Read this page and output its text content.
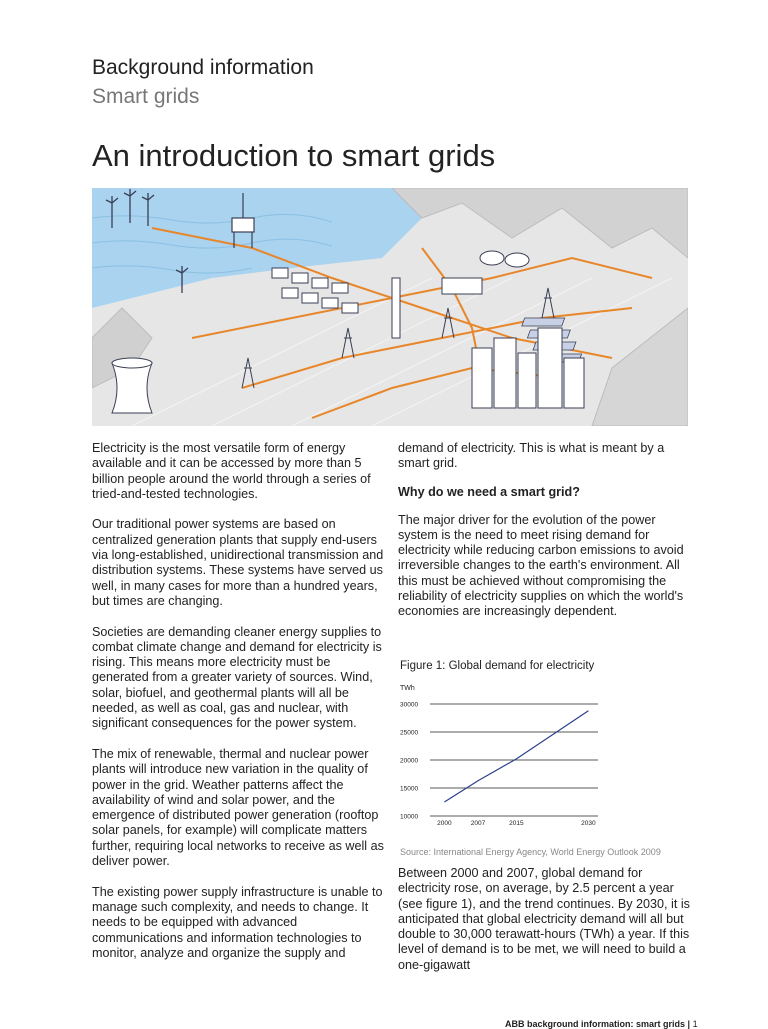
Background information
Smart grids
An introduction to smart grids

Electricity is the most versatile form of energy available and it can be accessed by more than 5 billion people around the world through a series of tried-and-tested technologies.

Our traditional power systems are based on centralized generation plants that supply end-users via long-established, unidirectional transmission and distribution systems. These systems have served us well, in many cases for more than a hundred years, but times are changing.

Societies are demanding cleaner energy supplies to combat climate change and demand for electricity is rising. This means more electricity must be generated from a greater variety of sources. Wind, solar, biofuel, and geothermal plants will all be needed, as well as coal, gas and nuclear, with significant consequences for the power system.

The mix of renewable, thermal and nuclear power plants will introduce new variation in the quality of power in the grid. Weather patterns affect the availability of wind and solar power, and the emergence of distributed power generation (rooftop solar panels, for example) will complicate matters further, requiring local networks to receive as well as deliver power.

The existing power supply infrastructure is unable to manage such complexity, and needs to change. It needs to be equipped with advanced communications and information technologies to monitor, analyze and organize the supply and

demand of electricity. This is what is meant by a smart grid.

Why do we need a smart grid?

The major driver for the evolution of the power system is the need to meet rising demand for electricity while reducing carbon emissions to avoid irreversible changes to the earth's environment. All this must be achieved without compromising the reliability of electricity supplies on which the world's economies are increasingly dependent.

Figure 1: Global demand for electricity
TWh
10000
15000
20000
25000
30000
2000	2007	2015	2030
Source: International Energy Agency, World Energy Outlook 2009

Between 2000 and 2007, global demand for electricity rose, on average, by 2.5 percent a year (see figure 1), and the trend continues. By 2030, it is anticipated that global electricity demand will all but double to 30,000 terawatt-hours (TWh) a year. If this level of demand is to be met, we will need to build a one-gigawatt

ABB background information: smart grids | 1
